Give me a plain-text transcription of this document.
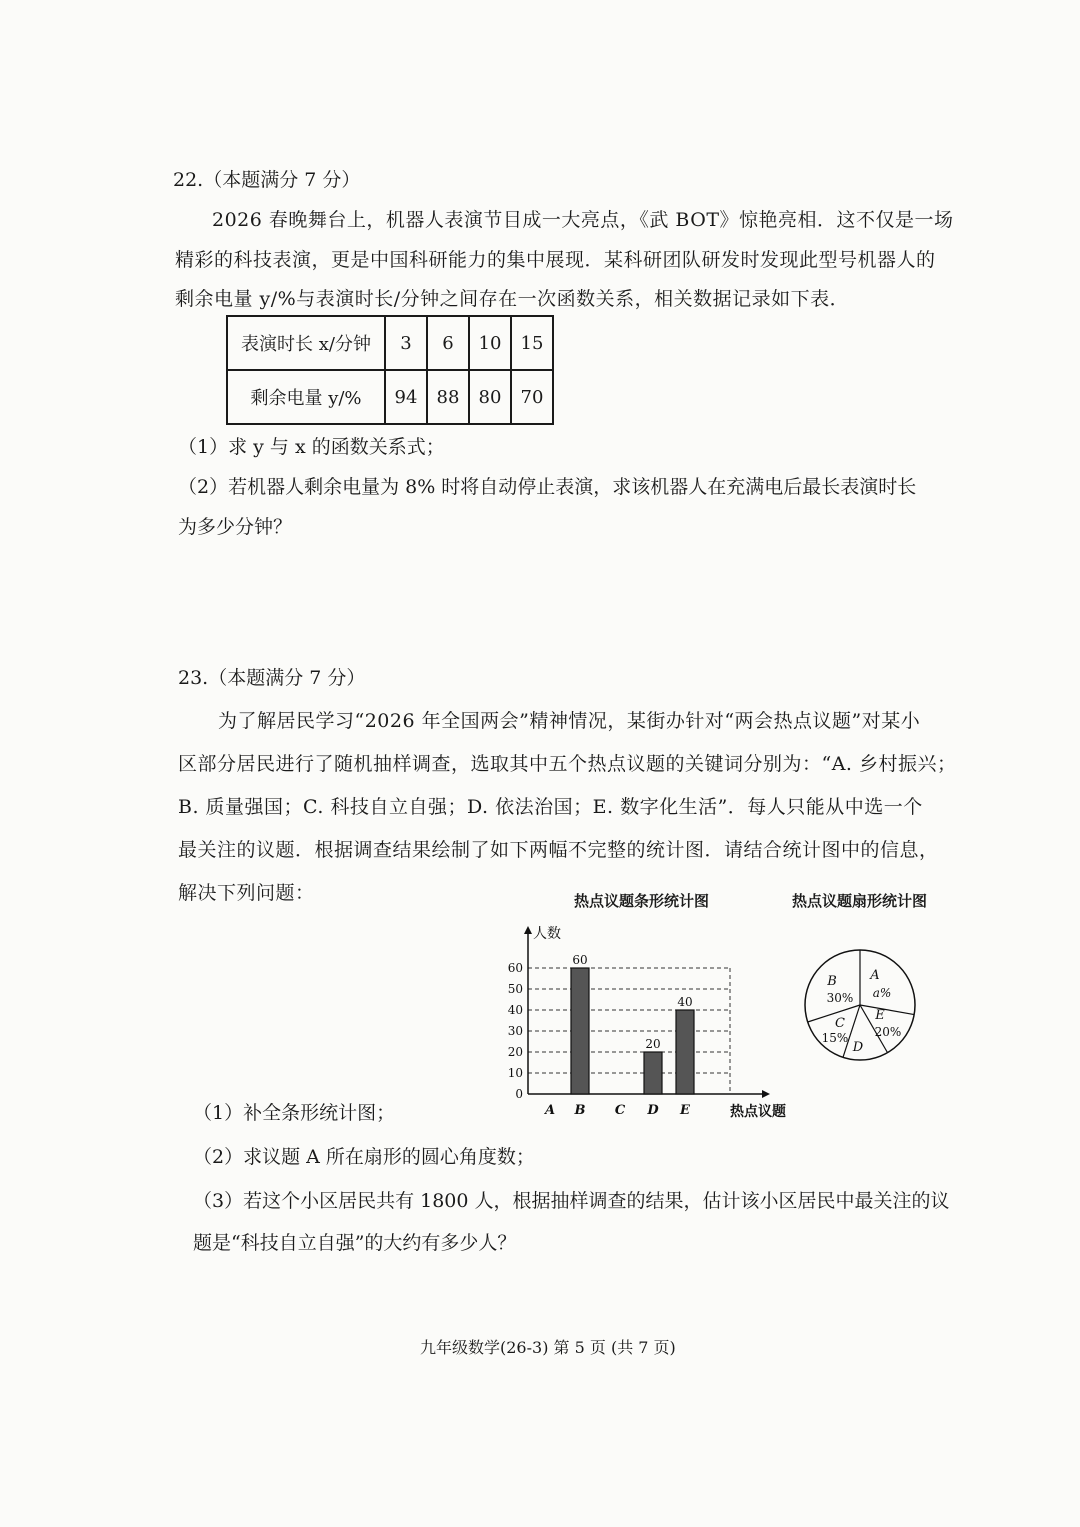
22.（本题满分 7 分）
2026 春晚舞台上，机器人表演节目成一大亮点，《武 BOT》惊艳亮相．这不仅是一场
精彩的科技表演，更是中国科研能力的集中展现．某科研团队研发时发现此型号机器人的
剩余电量 y/%与表演时长/分钟之间存在一次函数关系，相关数据记录如下表．
表演时长 x/分钟	3	6	10	15
剩余电量 y/%	94	88	80	70
（1）求 y 与 x 的函数关系式；
（2）若机器人剩余电量为 8% 时将自动停止表演，求该机器人在充满电后最长表演时长
为多少分钟？
23.（本题满分 7 分）
为了解居民学习“2026 年全国两会”精神情况，某街办针对“两会热点议题”对某小
区部分居民进行了随机抽样调查，选取其中五个热点议题的关键词分别为：“A. 乡村振兴；
B. 质量强国；C. 科技自立自强；D. 依法治国；E. 数字化生活”．每人只能从中选一个
最关注的议题．根据调查结果绘制了如下两幅不完整的统计图．请结合统计图中的信息，
解决下列问题：	热点议题条形统计图	热点议题扇形统计图
0
10
20
30
40
50
60
人数
热点议题
A B
60
C D
20
E
40
A
a%
B
30%
C
15%
D
E
20%
（1）补全条形统计图；
（2）求议题 A 所在扇形的圆心角度数；
（3）若这个小区居民共有 1800 人，根据抽样调查的结果，估计该小区居民中最关注的议
题是“科技自立自强”的大约有多少人？
九年级数学(26-3) 第 5 页 (共 7 页)
